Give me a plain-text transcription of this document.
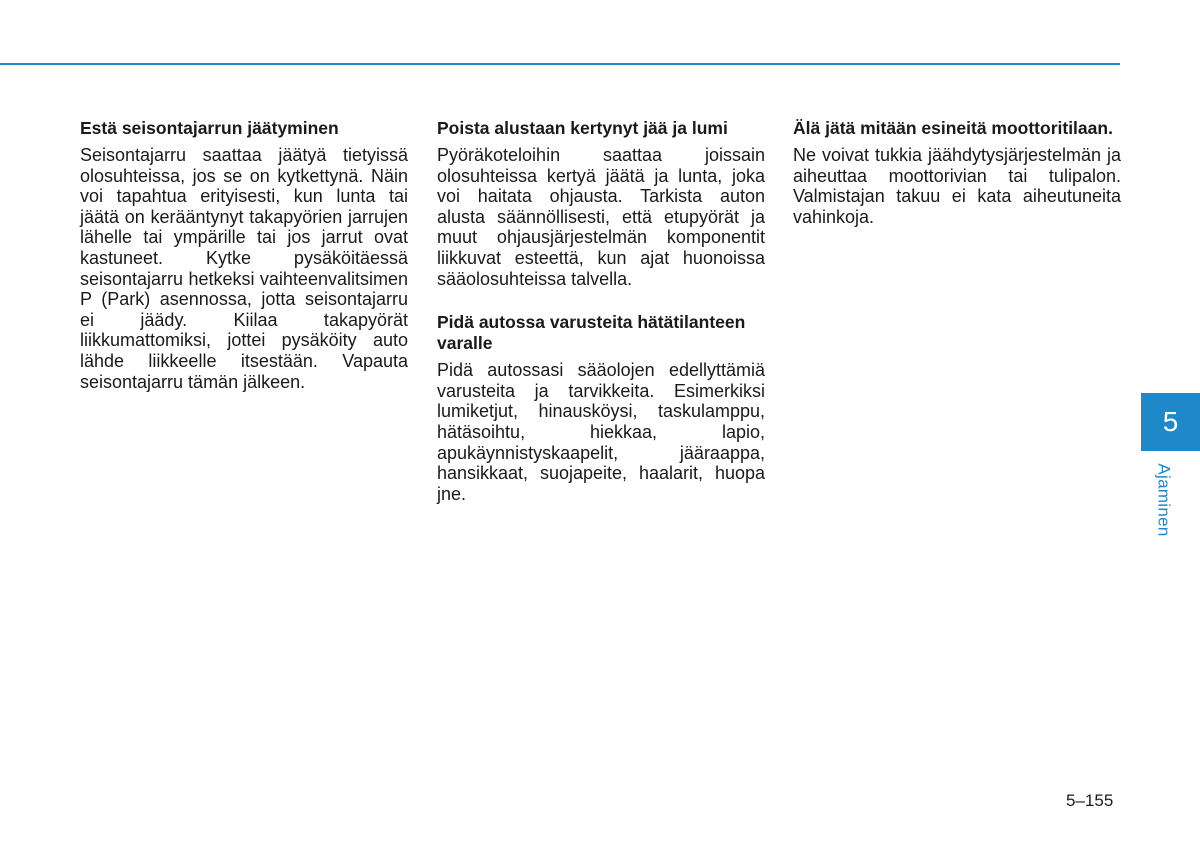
Estä seisontajarrun jäätyminen

Seisontajarru saattaa jäätyä tietyissä olosuhteissa, jos se on kytkettynä. Näin voi tapahtua erityisesti, kun lunta tai jäätä on kerääntynyt takapyörien jarrujen lähelle tai ympärille tai jos jarrut ovat kastuneet. Kytke pysäköitäessä seisontajarru hetkeksi vaihteenvalitsimen P (Park) asennossa, jotta seisontajarru ei jäädy. Kiilaa takapyörät liikkumattomiksi, jottei pysäköity auto lähde liikkeelle itsestään. Vapauta seisontajarru tämän jälkeen.

Poista alustaan kertynyt jää ja lumi

Pyöräkoteloihin saattaa joissain olosuhteissa kertyä jäätä ja lunta, joka voi haitata ohjausta. Tarkista auton alusta säännöllisesti, että etupyörät ja muut ohjausjärjestelmän komponentit liikkuvat esteettä, kun ajat huonoissa sääolosuhteissa talvella.

Pidä autossa varusteita hätätilanteen varalle

Pidä autossasi sääolojen edellyttämiä varusteita ja tarvikkeita. Esimerkiksi lumiketjut, hinausköysi, taskulamppu, hätäsoihtu, hiekkaa, lapio, apukäynnistyskaapelit, jääraappa, hansikkaat, suojapeite, haalarit, huopa jne.

Älä jätä mitään esineitä moottoritilaan.

Ne voivat tukkia jäähdytysjärjestelmän ja aiheuttaa moottorivian tai tulipalon. Valmistajan takuu ei kata aiheutuneita vahinkoja.

5
Ajaminen
5–155
